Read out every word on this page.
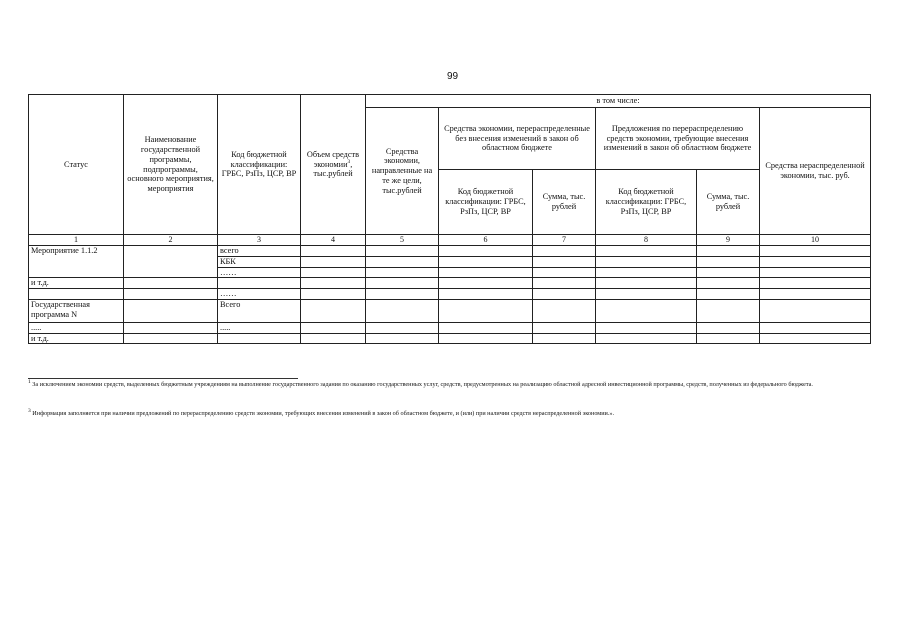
99
Статус	Наименование государственной программы, подпрограммы, основного мероприятия, мероприятия	Код бюджетной классификации: ГРБС, РзПз, ЦСР, ВР	Объем средств экономии$^3$, тыс.рублей	в том числе:					
				Средства экономии, направленные на те же цели, тыс.рублей	Средства экономии, перераспределенные без внесения изменений в закон об областном бюджете		Предложения по перераспределению средств экономии, требующие внесения изменений в закон об областном бюджете		Средства нераспределенной экономии, тыс. руб.
					Код бюджетной классификации: ГРБС, РзПз, ЦСР, ВР	Сумма, тыс. рублей	Код бюджетной классификации: ГРБС, РзПз, ЦСР, ВР	Сумма, тыс. рублей	
1	2	3	4	5	6	7	8	9	10
Мероприятие 1.1.2		всего							
		КБК							
		……							
и т.д.									
		……							
Государственная программа N		Всего							
.....		.....							
и т.д.									
$^1$ За исключением экономии средств, выделенных бюджетным учреждениям на выполнение государственного задания по оказанию государственных услуг, средств, предусмотренных на реализацию областной адресной инвестиционной программы, средств, полученных из федерального бюджета.
$^3$ Информация заполняется при наличии предложений по перераспределению средств экономии, требующих внесения изменений в закон об областном бюджете, и (или) при наличии средств нераспределенной экономии.».
